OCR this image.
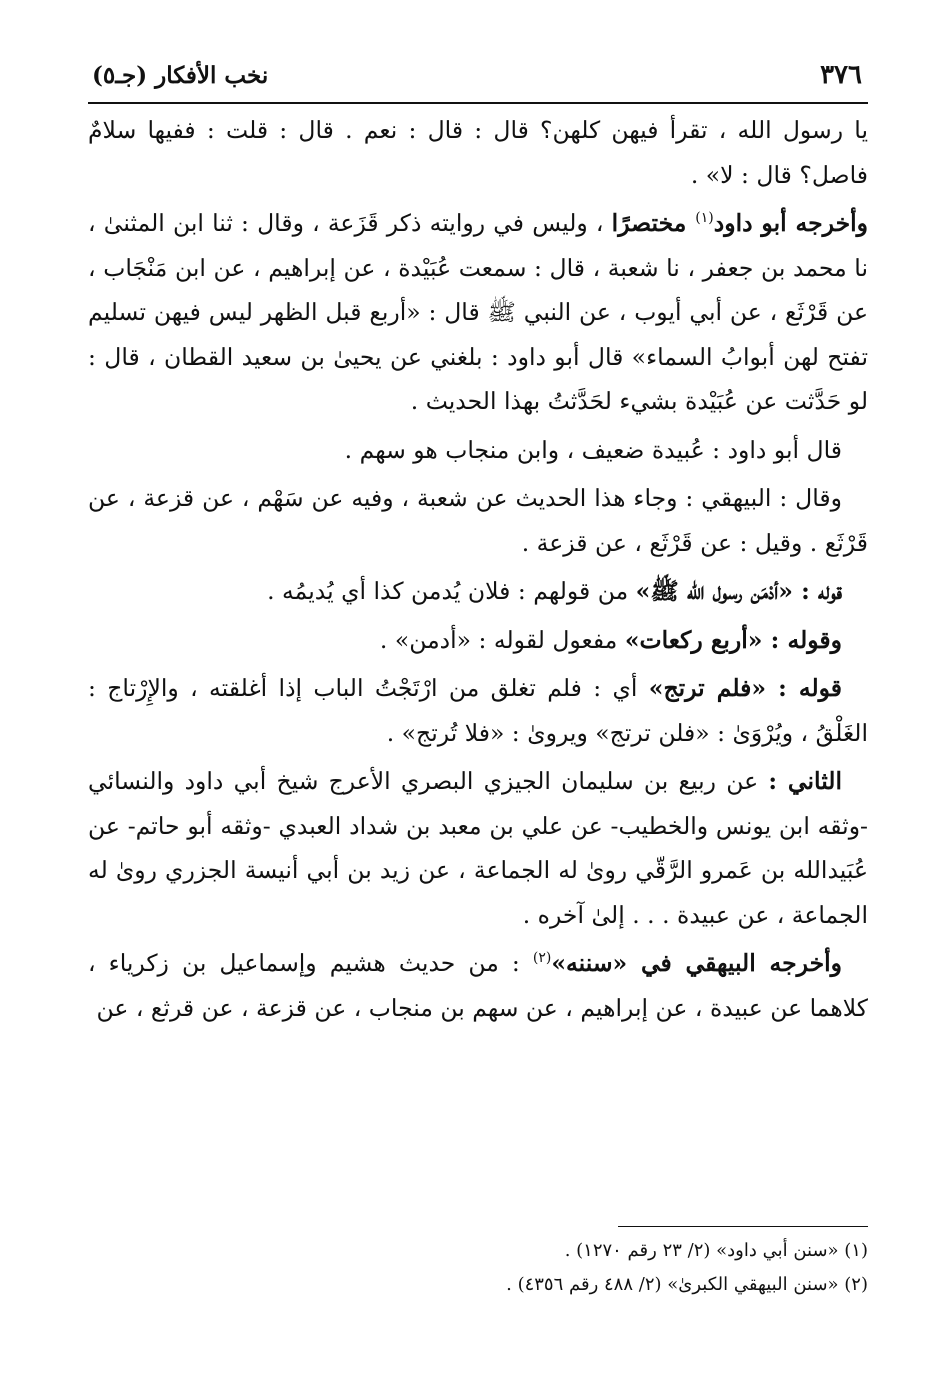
٣٧٦
نخب الأفكار (جـ٥)

يا رسول الله ، تقرأ فيهن كلهن؟ قال : قال : نعم . قال : قلت : ففيها سلامٌ فاصل؟ قال : لا» .

وأخرجه أبو داود$^{(١)}$ مختصرًا ، وليس في روايته ذكر قَزَعة ، وقال : ثنا ابن المثنىٰ ، نا محمد بن جعفر ، نا شعبة ، قال : سمعت عُبَيْدة ، عن إبراهيم ، عن ابن مَنْجَاب ، عن قَرْثَع ، عن أبي أيوب ، عن النبي ﷺ قال : «أربع قبل الظهر ليس فيهن تسليم تفتح لهن أبوابُ السماء» قال أبو داود : بلغني عن يحيىٰ بن سعيد القطان ، قال : لو حَدَّثت عن عُبَيْدة بشيء لحَدَّثتُ بهذا الحديث .

قال أبو داود : عُبيدة ضعيف ، وابن منجاب هو سهم .

وقال : البيهقي : وجاء هذا الحديث عن شعبة ، وفيه عن سَهْم ، عن قزعة ، عن قَرْثَع . وقيل : عن قَرْثَع ، عن قزعة .

قوله : «أدْمَن رسول الله ﷺ» من قولهم : فلان يُدمن كذا أي يُديمُه .

وقوله : «أربع ركعات» مفعول لقوله : «أدمن» .

قوله : «فلم ترتج» أي : فلم تغلق من ارْتَجْتُ الباب إذا أغلقته ، والإِرْتاج : الغَلْقُ ، ويُرْوَىٰ : «فلن ترتج» ويروىٰ : «فلا تُرتج» .

الثاني : عن ربيع بن سليمان الجيزي البصري الأعرج شيخ أبي داود والنسائي -وثقه ابن يونس والخطيب- عن علي بن معبد بن شداد العبدي -وثقه أبو حاتم- عن عُبَيدالله بن عَمرو الرَّقّي روىٰ له الجماعة ، عن زيد بن أبي أنيسة الجزري روىٰ له الجماعة ، عن عبيدة . . . إلىٰ آخره .

وأخرجه البيهقي في «سننه»$^{(٢)}$ : من حديث هشيم وإسماعيل بن زكرياء ، كلاهما عن عبيدة ، عن إبراهيم ، عن سهم بن منجاب ، عن قزعة ، عن قرثع ، عن

(١) «سنن أبي داود» (٢/ ٢٣ رقم ١٢٧٠) .

(٢) «سنن البيهقي الكبرىٰ» (٢/ ٤٨٨ رقم ٤٣٥٦) .
